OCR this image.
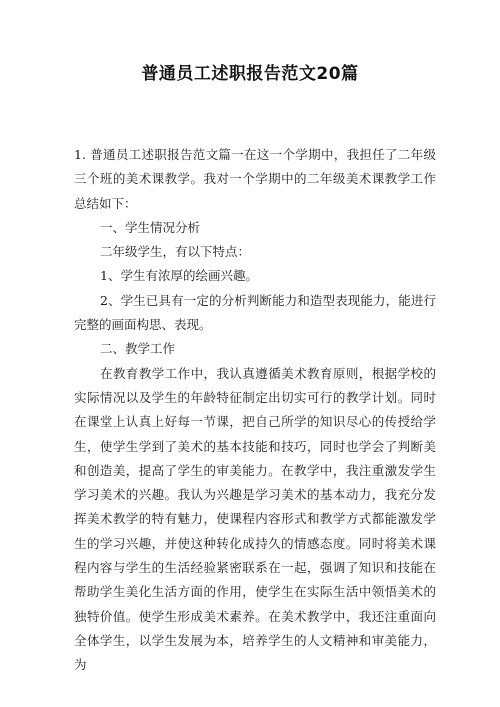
普通员工述职报告范文20篇

1. 普通员工述职报告范文篇一在这一个学期中，我担任了二年级三个班的美术课教学。我对一个学期中的二年级美术课教学工作总结如下：

一、学生情况分析

二年级学生，有以下特点：

1、学生有浓厚的绘画兴趣。

2、学生已具有一定的分析判断能力和造型表现能力，能进行完整的画面构思、表现。

二、教学工作

在教育教学工作中，我认真遵循美术教育原则，根据学校的实际情况以及学生的年龄特征制定出切实可行的教学计划。同时在课堂上认真上好每一节课，把自己所学的知识尽心的传授给学生，使学生学到了美术的基本技能和技巧，同时也学会了判断美和创造美，提高了学生的审美能力。在教学中，我注重激发学生学习美术的兴趣。我认为兴趣是学习美术的基本动力，我充分发挥美术教学的特有魅力，使课程内容形式和教学方式都能激发学生的学习兴趣，并使这种转化成持久的情感态度。同时将美术课程内容与学生的生活经验紧密联系在一起，强调了知识和技能在帮助学生美化生活方面的作用，使学生在实际生活中领悟美术的独特价值。使学生形成美术素养。在美术教学中，我还注重面向全体学生，以学生发展为本，培养学生的人文精神和审美能力，为
